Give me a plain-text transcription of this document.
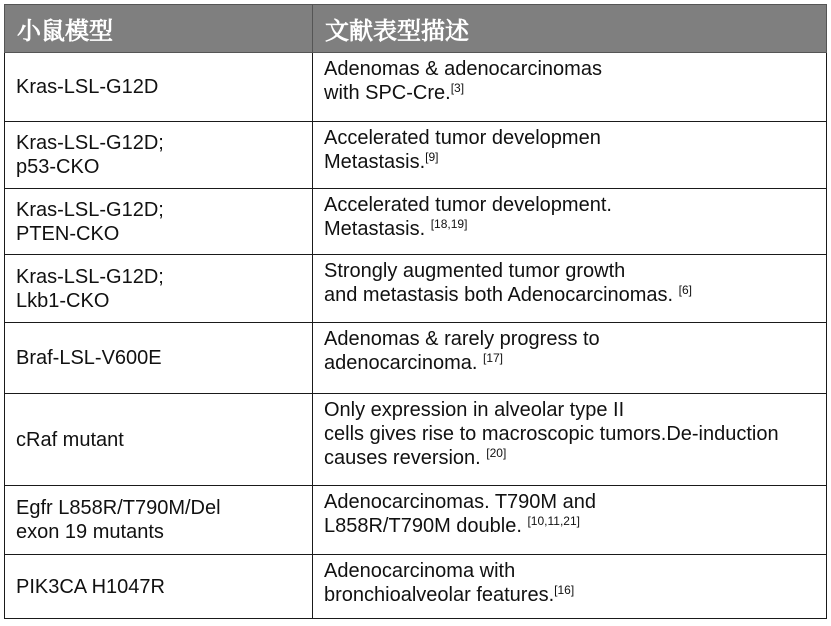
小鼠模型	文献表型描述

Kras-LSL-G12D	Adenomas & adenocarcinomas
with SPC-Cre.[3]

Kras-LSL-G12D;
p53-CKO	Accelerated tumor developmen
Metastasis.[9]

Kras-LSL-G12D;
PTEN-CKO	Accelerated tumor development.
Metastasis. [18,19]

Kras-LSL-G12D;
Lkb1-CKO	Strongly augmented tumor growth
and metastasis both Adenocarcinomas. [6]

Braf-LSL-V600E	Adenomas & rarely progress to
adenocarcinoma. [17]

cRaf mutant	Only expression in alveolar type II
cells gives rise to macroscopic tumors.De-induction
causes reversion. [20]

Egfr L858R/T790M/Del
exon 19 mutants	Adenocarcinomas. T790M and
L858R/T790M double. [10,11,21]

PIK3CA H1047R	Adenocarcinoma with
bronchioalveolar features.[16]
